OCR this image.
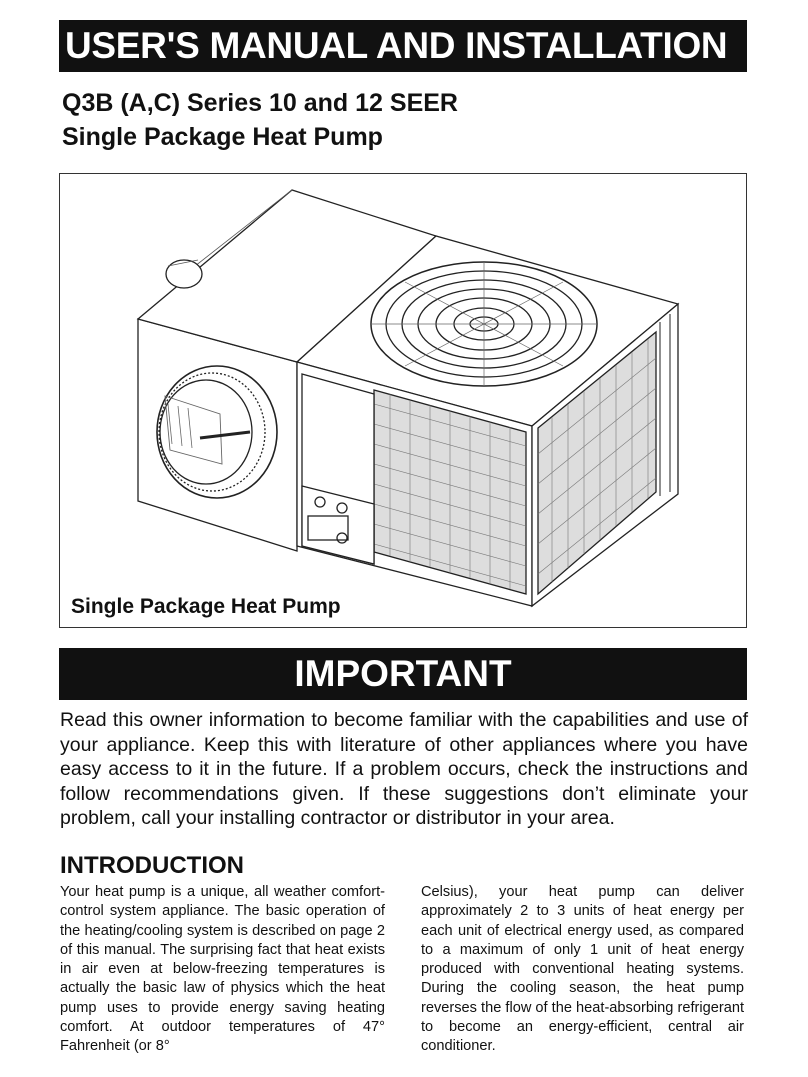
USER'S MANUAL AND INSTALLATION
Q3B (A,C) Series 10 and 12 SEER
Single Package Heat Pump
Single Package Heat Pump
IMPORTANT
Read this owner information to become familiar with the capabilities and use of your appliance. Keep this with literature of other appliances where you have easy access to it in the future. If a problem occurs, check the instructions and follow recommendations given. If these suggestions don’t eliminate your problem, call your installing contractor or distributor in your area.
INTRODUCTION
Your heat pump is a unique, all weather comfort-control system appliance. The basic operation of the heating/cooling system is described on page 2 of this manual. The surprising fact that heat exists in air even at below-freezing temperatures is actually the basic law of physics which the heat pump uses to provide energy saving heating comfort. At outdoor temperatures of 47° Fahrenheit (or 8°
Celsius), your heat pump can deliver approximately 2 to 3 units of heat energy per each unit of electrical energy used, as compared to a maximum of only 1 unit of heat energy produced with conventional heating systems. During the cooling season, the heat pump reverses the flow of the heat-absorbing refrigerant to become an energy-efficient, central air conditioner.
